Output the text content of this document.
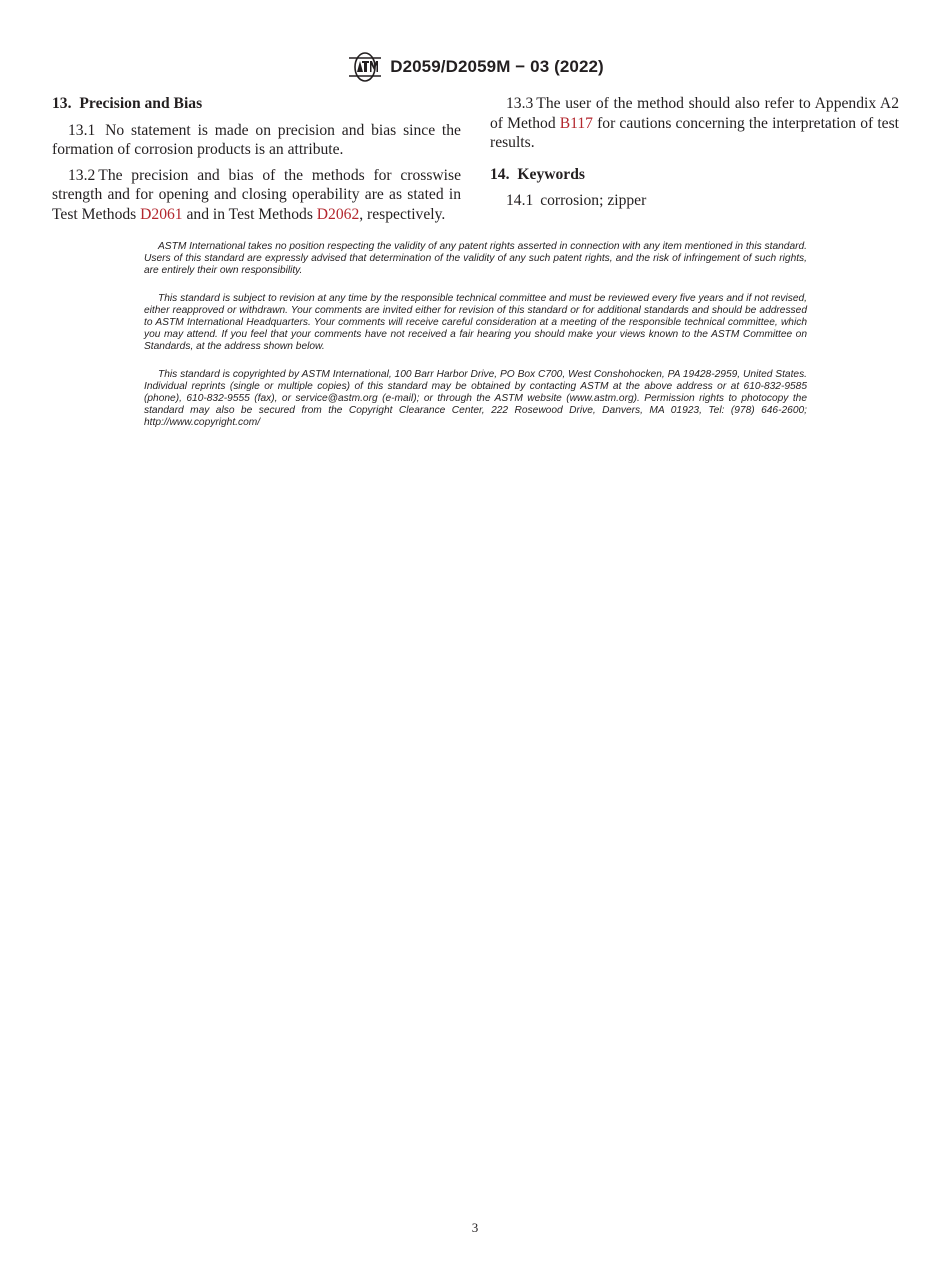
D2059/D2059M − 03 (2022)
13. Precision and Bias

13.1 No statement is made on precision and bias since the formation of corrosion products is an attribute.

13.2 The precision and bias of the methods for crosswise strength and for opening and closing operability are as stated in Test Methods D2061 and in Test Methods D2062, respectively.

13.3 The user of the method should also refer to Appendix A2 of Method B117 for cautions concerning the interpretation of test results.

14. Keywords

14.1 corrosion; zipper

ASTM International takes no position respecting the validity of any patent rights asserted in connection with any item mentioned in this standard. Users of this standard are expressly advised that determination of the validity of any such patent rights, and the risk of infringement of such rights, are entirely their own responsibility.

This standard is subject to revision at any time by the responsible technical committee and must be reviewed every five years and if not revised, either reapproved or withdrawn. Your comments are invited either for revision of this standard or for additional standards and should be addressed to ASTM International Headquarters. Your comments will receive careful consideration at a meeting of the responsible technical committee, which you may attend. If you feel that your comments have not received a fair hearing you should make your views known to the ASTM Committee on Standards, at the address shown below.

This standard is copyrighted by ASTM International, 100 Barr Harbor Drive, PO Box C700, West Conshohocken, PA 19428-2959, United States. Individual reprints (single or multiple copies) of this standard may be obtained by contacting ASTM at the above address or at 610-832-9585 (phone), 610-832-9555 (fax), or service@astm.org (e-mail); or through the ASTM website (www.astm.org). Permission rights to photocopy the standard may also be secured from the Copyright Clearance Center, 222 Rosewood Drive, Danvers, MA 01923, Tel: (978) 646-2600; http://www.copyright.com/

3
